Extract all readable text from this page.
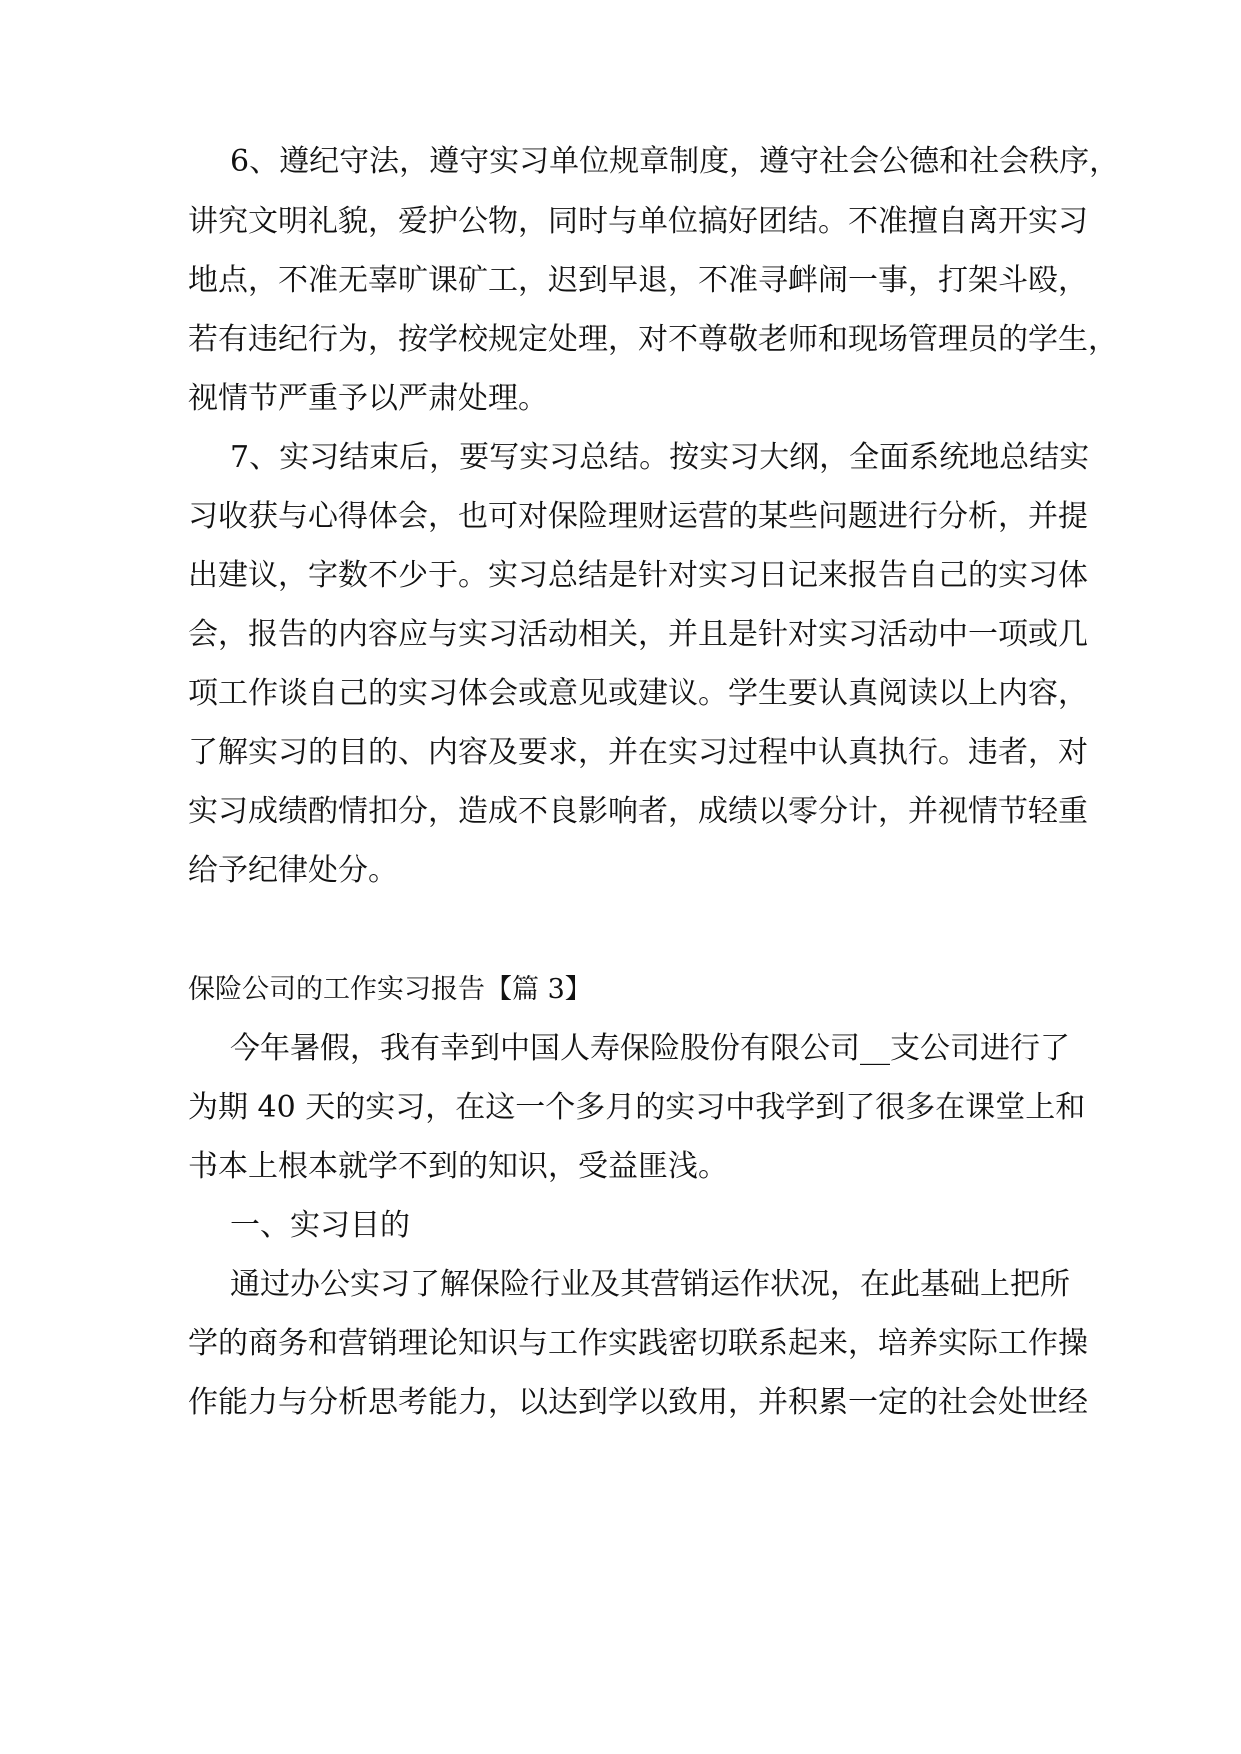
6、遵纪守法，遵守实习单位规章制度，遵守社会公德和社会秩序，
讲究文明礼貌，爱护公物，同时与单位搞好团结。不准擅自离开实习
地点，不准无辜旷课矿工，迟到早退，不准寻衅闹一事，打架斗殴，
若有违纪行为，按学校规定处理，对不尊敬老师和现场管理员的学生，
视情节严重予以严肃处理。
7、实习结束后，要写实习总结。按实习大纲，全面系统地总结实
习收获与心得体会，也可对保险理财运营的某些问题进行分析，并提
出建议，字数不少于。实习总结是针对实习日记来报告自己的实习体
会，报告的内容应与实习活动相关，并且是针对实习活动中一项或几
项工作谈自己的实习体会或意见或建议。学生要认真阅读以上内容，
了解实习的目的、内容及要求，并在实习过程中认真执行。违者，对
实习成绩酌情扣分，造成不良影响者，成绩以零分计，并视情节轻重
给予纪律处分。
保险公司的工作实习报告【篇 3】
今年暑假，我有幸到中国人寿保险股份有限公司__支公司进行了
为期 40 天的实习，在这一个多月的实习中我学到了很多在课堂上和
书本上根本就学不到的知识，受益匪浅。
一、实习目的
通过办公实习了解保险行业及其营销运作状况，在此基础上把所
学的商务和营销理论知识与工作实践密切联系起来，培养实际工作操
作能力与分析思考能力，以达到学以致用，并积累一定的社会处世经
